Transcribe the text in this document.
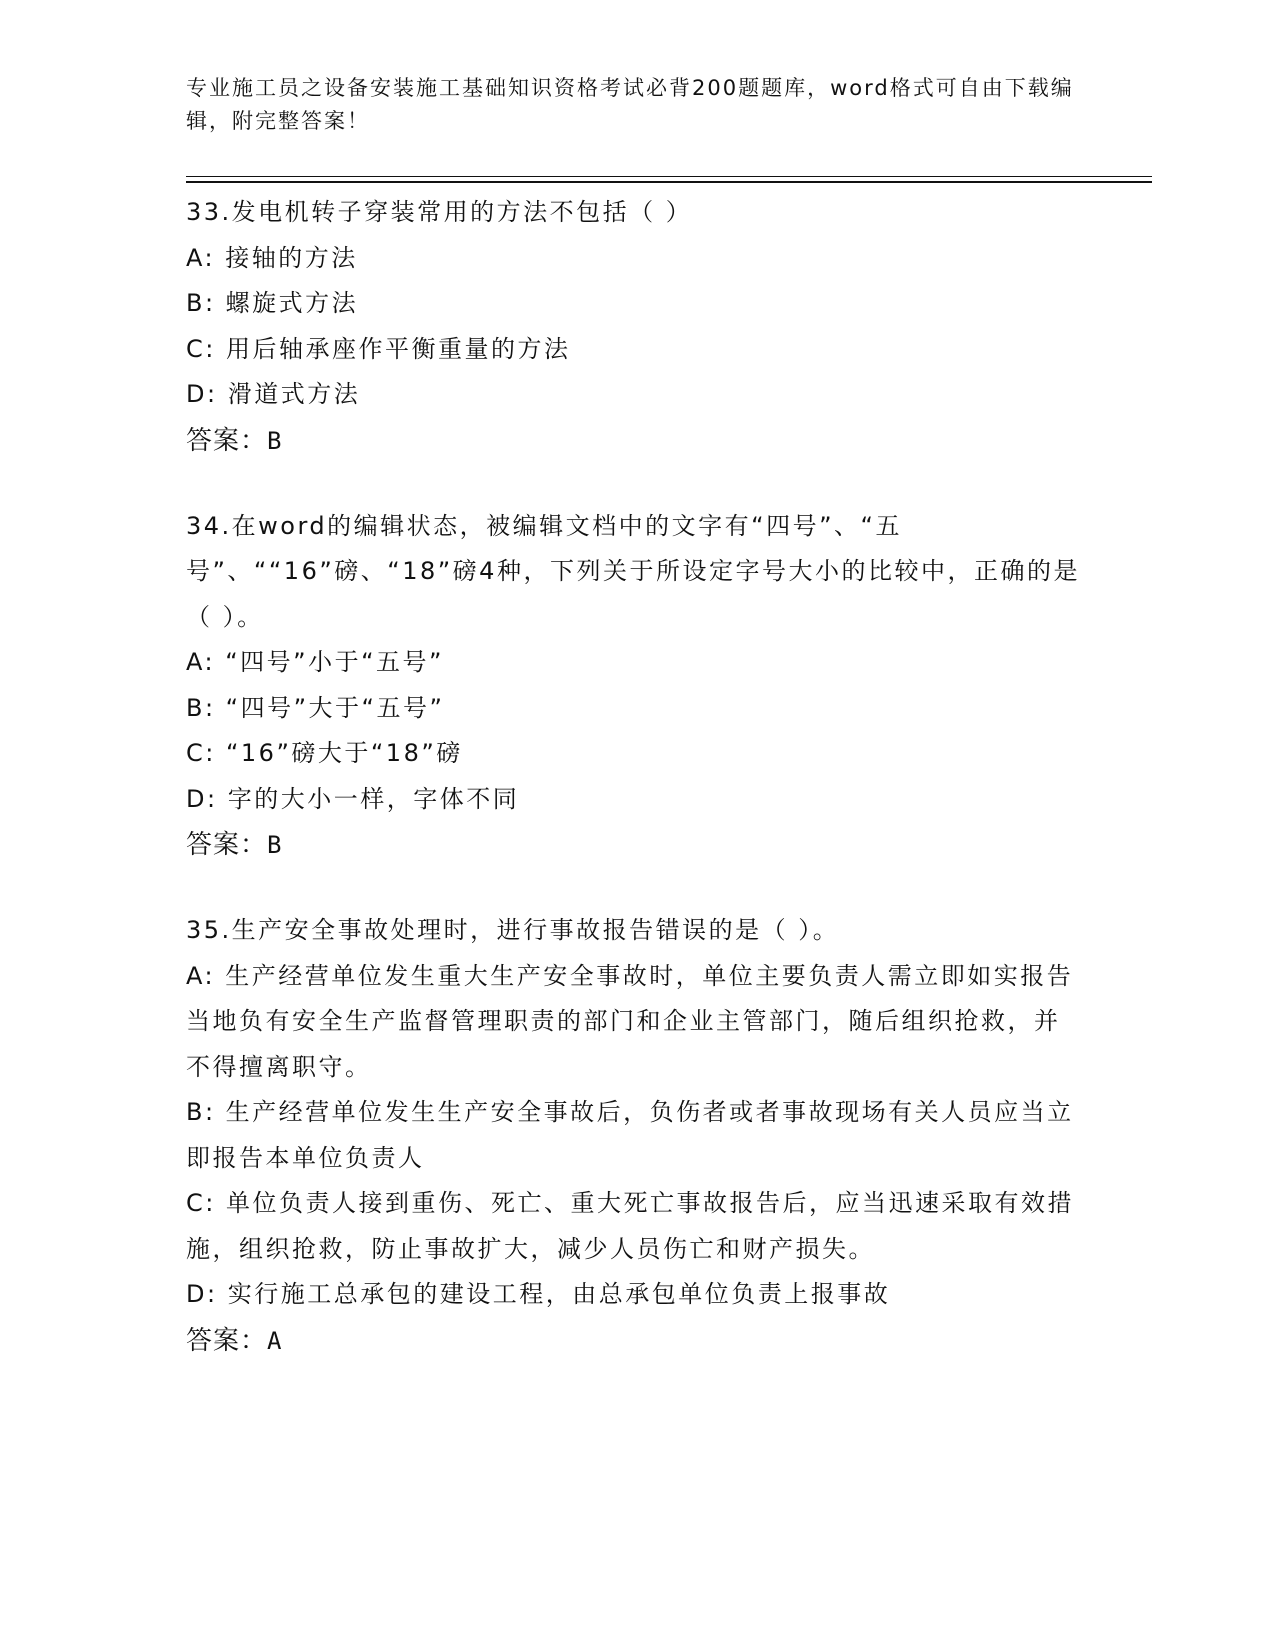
专业施工员之设备安装施工基础知识资格考试必背200题题库，word格式可自由下载编辑，附完整答案！

33.发电机转子穿装常用的方法不包括（ ）

A: 接轴的方法

B: 螺旋式方法

C: 用后轴承座作平衡重量的方法

D: 滑道式方法

答案：B

34.在word的编辑状态，被编辑文档中的文字有“四号”、“五号”、““16”磅、“18”磅4种，下列关于所设定字号大小的比较中，正确的是（ ）。

A: “四号”小于“五号”

B: “四号”大于“五号”

C: “16”磅大于“18”磅

D: 字的大小一样，字体不同

答案：B

35.生产安全事故处理时，进行事故报告错误的是（ ）。

A: 生产经营单位发生重大生产安全事故时，单位主要负责人需立即如实报告当地负有安全生产监督管理职责的部门和企业主管部门，随后组织抢救，并不得擅离职守。

B: 生产经营单位发生生产安全事故后，负伤者或者事故现场有关人员应当立即报告本单位负责人

C: 单位负责人接到重伤、死亡、重大死亡事故报告后，应当迅速采取有效措施，组织抢救，防止事故扩大，减少人员伤亡和财产损失。

D: 实行施工总承包的建设工程，由总承包单位负责上报事故

答案：A
